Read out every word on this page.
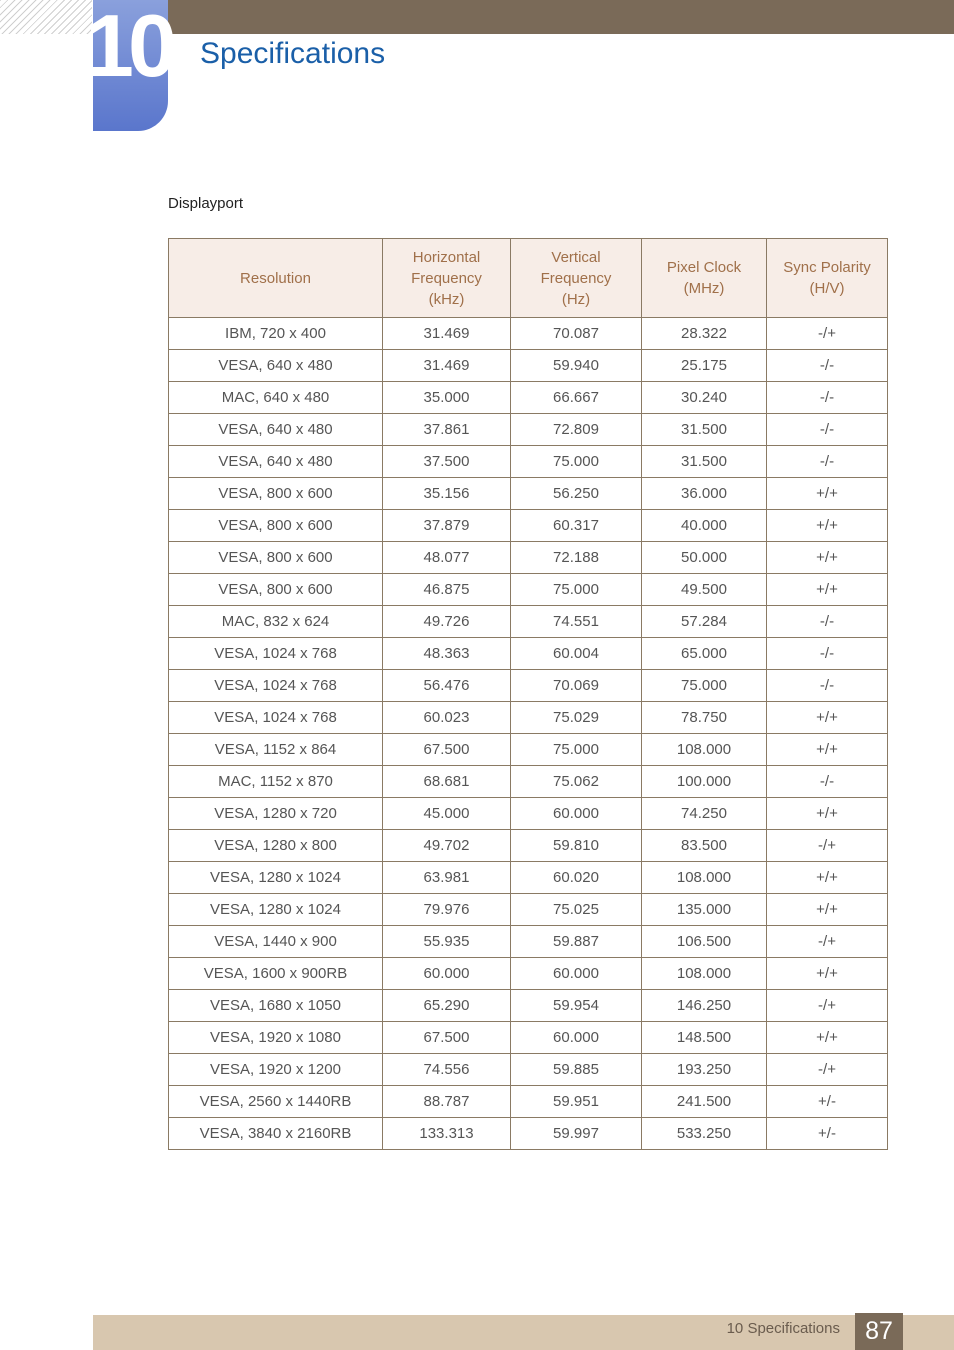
10 Specifications
Displayport
Resolution	Horizontal Frequency (kHz)	Vertical Frequency (Hz)	Pixel Clock (MHz)	Sync Polarity (H/V)
IBM, 720 x 400	31.469	70.087	28.322	-/+
VESA, 640 x 480	31.469	59.940	25.175	-/-
MAC, 640 x 480	35.000	66.667	30.240	-/-
VESA, 640 x 480	37.861	72.809	31.500	-/-
VESA, 640 x 480	37.500	75.000	31.500	-/-
VESA, 800 x 600	35.156	56.250	36.000	+/+
VESA, 800 x 600	37.879	60.317	40.000	+/+
VESA, 800 x 600	48.077	72.188	50.000	+/+
VESA, 800 x 600	46.875	75.000	49.500	+/+
MAC, 832 x 624	49.726	74.551	57.284	-/-
VESA, 1024 x 768	48.363	60.004	65.000	-/-
VESA, 1024 x 768	56.476	70.069	75.000	-/-
VESA, 1024 x 768	60.023	75.029	78.750	+/+
VESA, 1152 x 864	67.500	75.000	108.000	+/+
MAC, 1152 x 870	68.681	75.062	100.000	-/-
VESA, 1280 x 720	45.000	60.000	74.250	+/+
VESA, 1280 x 800	49.702	59.810	83.500	-/+
VESA, 1280 x 1024	63.981	60.020	108.000	+/+
VESA, 1280 x 1024	79.976	75.025	135.000	+/+
VESA, 1440 x 900	55.935	59.887	106.500	-/+
VESA, 1600 x 900RB	60.000	60.000	108.000	+/+
VESA, 1680 x 1050	65.290	59.954	146.250	-/+
VESA, 1920 x 1080	67.500	60.000	148.500	+/+
VESA, 1920 x 1200	74.556	59.885	193.250	-/+
VESA, 2560 x 1440RB	88.787	59.951	241.500	+/-
VESA, 3840 x 2160RB	133.313	59.997	533.250	+/-
10 Specifications	87
